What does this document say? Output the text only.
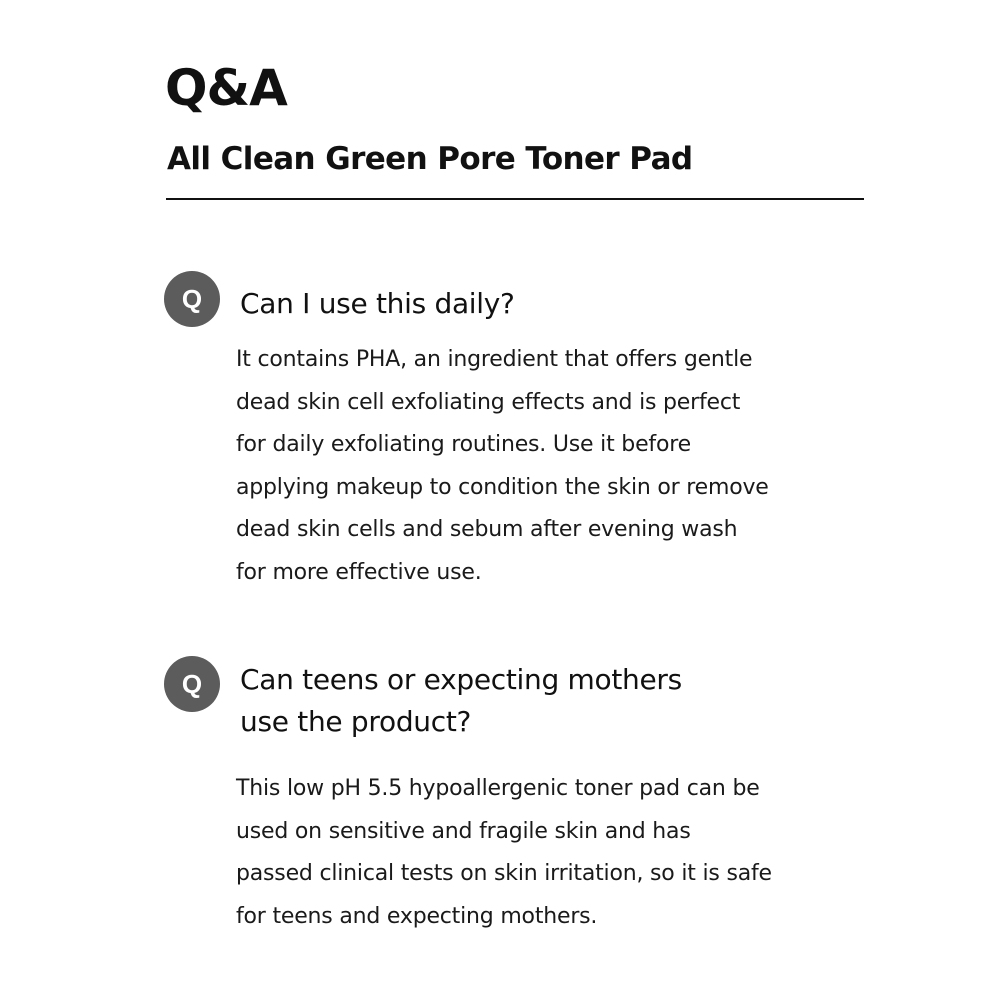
Q&A
All Clean Green Pore Toner Pad
Q	Can I use this daily?

It contains PHA, an ingredient that offers gentle
dead skin cell exfoliating effects and is perfect
for daily exfoliating routines. Use it before
applying makeup to condition the skin or remove
dead skin cells and sebum after evening wash
for more effective use.

Q	Can teens or expecting mothers
use the product?

This low pH 5.5 hypoallergenic toner pad can be
used on sensitive and fragile skin and has
passed clinical tests on skin irritation, so it is safe
for teens and expecting mothers.
